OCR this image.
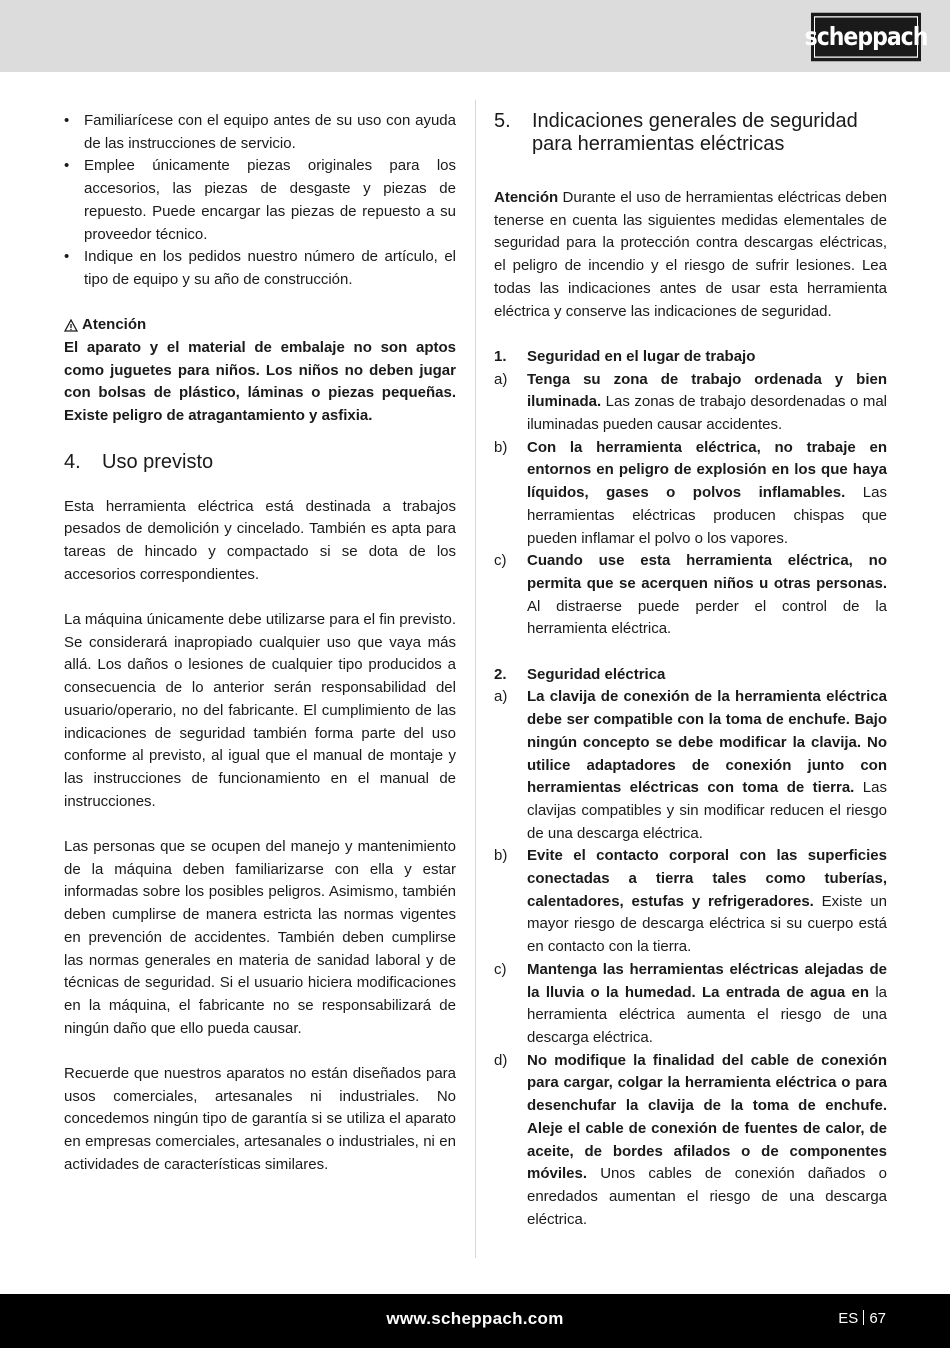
scheppach
• Familiarícese con el equipo antes de su uso con ayuda de las instrucciones de servicio.
• Emplee únicamente piezas originales para los accesorios, las piezas de desgaste y piezas de repuesto. Puede encargar las piezas de repuesto a su proveedor técnico.
• Indique en los pedidos nuestro número de artículo, el tipo de equipo y su año de construcción.
Atención

El aparato y el material de embalaje no son aptos como juguetes para niños. Los niños no deben jugar con bolsas de plástico, láminas o piezas pequeñas. Existe peligro de atragantamiento y asfixia.

4.	Uso previsto

Esta herramienta eléctrica está destinada a trabajos pesados de demolición y cincelado. También es apta para tareas de hincado y compactado si se dota de los accesorios correspondientes.

La máquina únicamente debe utilizarse para el fin previsto. Se considerará inapropiado cualquier uso que vaya más allá. Los daños o lesiones de cualquier tipo producidos a consecuencia de lo anterior serán responsabilidad del usuario/operario, no del fabricante. El cumplimiento de las indicaciones de seguridad también forma parte del uso conforme al previsto, al igual que el manual de montaje y las instrucciones de funcionamiento en el manual de instrucciones.

Las personas que se ocupen del manejo y mantenimiento de la máquina deben familiarizarse con ella y estar informadas sobre los posibles peligros. Asimismo, también deben cumplirse de manera estricta las normas vigentes en prevención de accidentes. También deben cumplirse las normas generales en materia de sanidad laboral y de técnicas de seguridad. Si el usuario hiciera modificaciones en la máquina, el fabricante no se responsabilizará de ningún daño que ello pueda causar.

Recuerde que nuestros aparatos no están diseñados para usos comerciales, artesanales ni industriales. No concedemos ningún tipo de garantía si se utiliza el aparato en empresas comerciales, artesanales o industriales, ni en actividades de características similares.

5.	Indicaciones generales de seguridad para herramientas eléctricas

Atención Durante el uso de herramientas eléctricas deben tenerse en cuenta las siguientes medidas elementales de seguridad para la protección contra descargas eléctricas, el peligro de incendio y el riesgo de sufrir lesiones. Lea todas las indicaciones antes de usar esta herramienta eléctrica y conserve las indicaciones de seguridad.

1.	Seguridad en el lugar de trabajo
a)	Tenga su zona de trabajo ordenada y bien iluminada. Las zonas de trabajo desordenadas o mal iluminadas pueden causar accidentes.
b)	Con la herramienta eléctrica, no trabaje en entornos en peligro de explosión en los que haya líquidos, gases o polvos inflamables. Las herramientas eléctricas producen chispas que pueden inflamar el polvo o los vapores.
c)	Cuando use esta herramienta eléctrica, no permita que se acerquen niños u otras personas. Al distraerse puede perder el control de la herramienta eléctrica.
2.	Seguridad eléctrica
a)	La clavija de conexión de la herramienta eléctrica debe ser compatible con la toma de enchufe. Bajo ningún concepto se debe modificar la clavija. No utilice adaptadores de conexión junto con herramientas eléctricas con toma de tierra. Las clavijas compatibles y sin modificar reducen el riesgo de una descarga eléctrica.
b)	Evite el contacto corporal con las superficies conectadas a tierra tales como tuberías, calentadores, estufas y refrigeradores. Existe un mayor riesgo de descarga eléctrica si su cuerpo está en contacto con la tierra.
c)	Mantenga las herramientas eléctricas alejadas de la lluvia o la humedad. La entrada de agua en la herramienta eléctrica aumenta el riesgo de una descarga eléctrica.
d)	No modifique la finalidad del cable de conexión para cargar, colgar la herramienta eléctrica o para desenchufar la clavija de la toma de enchufe. Aleje el cable de conexión de fuentes de calor, de aceite, de bordes afilados o de componentes móviles. Unos cables de conexión dañados o enredados aumentan el riesgo de una descarga eléctrica.
www.scheppach.com	ES 67
